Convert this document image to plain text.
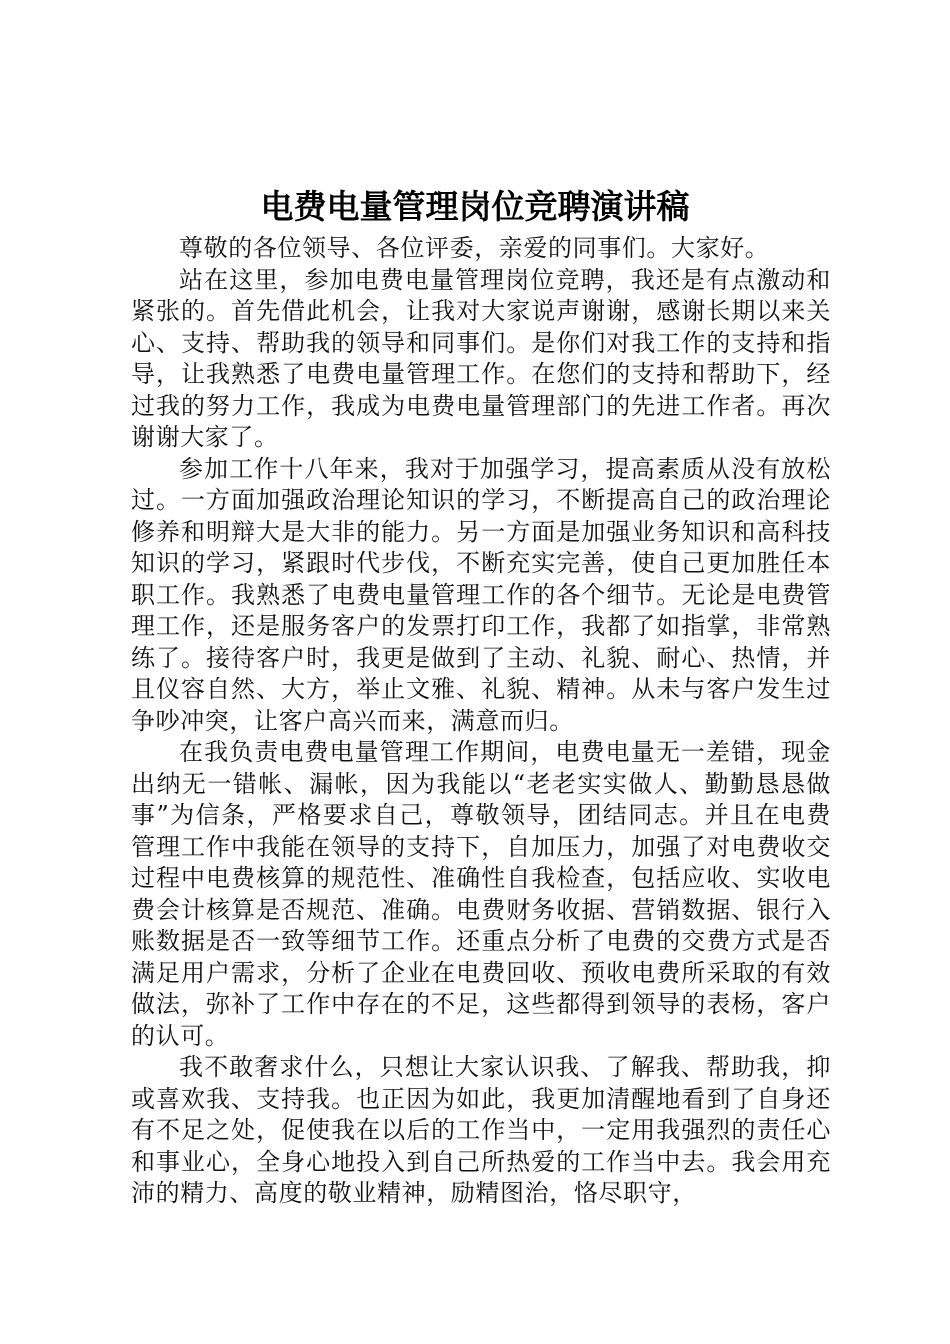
电费电量管理岗位竞聘演讲稿

尊敬的各位领导、各位评委，亲爱的同事们。大家好。

站在这里，参加电费电量管理岗位竞聘，我还是有点激动和紧张的。首先借此机会，让我对大家说声谢谢，感谢长期以来关心、支持、帮助我的领导和同事们。是你们对我工作的支持和指导，让我熟悉了电费电量管理工作。在您们的支持和帮助下，经过我的努力工作，我成为电费电量管理部门的先进工作者。再次谢谢大家了。

参加工作十八年来，我对于加强学习，提高素质从没有放松过。一方面加强政治理论知识的学习，不断提高自己的政治理论修养和明辩大是大非的能力。另一方面是加强业务知识和高科技知识的学习，紧跟时代步伐，不断充实完善，使自己更加胜任本职工作。我熟悉了电费电量管理工作的各个细节。无论是电费管理工作，还是服务客户的发票打印工作，我都了如指掌，非常熟练了。接待客户时，我更是做到了主动、礼貌、耐心、热情，并且仪容自然、大方，举止文雅、礼貌、精神。从未与客户发生过争吵冲突，让客户高兴而来，满意而归。

在我负责电费电量管理工作期间，电费电量无一差错，现金出纳无一错帐、漏帐，因为我能以“老老实实做人、勤勤恳恳做事”为信条，严格要求自己，尊敬领导，团结同志。并且在电费管理工作中我能在领导的支持下，自加压力，加强了对电费收交过程中电费核算的规范性、准确性自我检查，包括应收、实收电费会计核算是否规范、准确。电费财务收据、营销数据、银行入账数据是否一致等细节工作。还重点分析了电费的交费方式是否满足用户需求，分析了企业在电费回收、预收电费所采取的有效做法，弥补了工作中存在的不足，这些都得到领导的表杨，客户的认可。

我不敢奢求什么，只想让大家认识我、了解我、帮助我，抑或喜欢我、支持我。也正因为如此，我更加清醒地看到了自身还有不足之处，促使我在以后的工作当中，一定用我强烈的责任心和事业心，全身心地投入到自己所热爱的工作当中去。我会用充沛的精力、高度的敬业精神，励精图治，恪尽职守，
